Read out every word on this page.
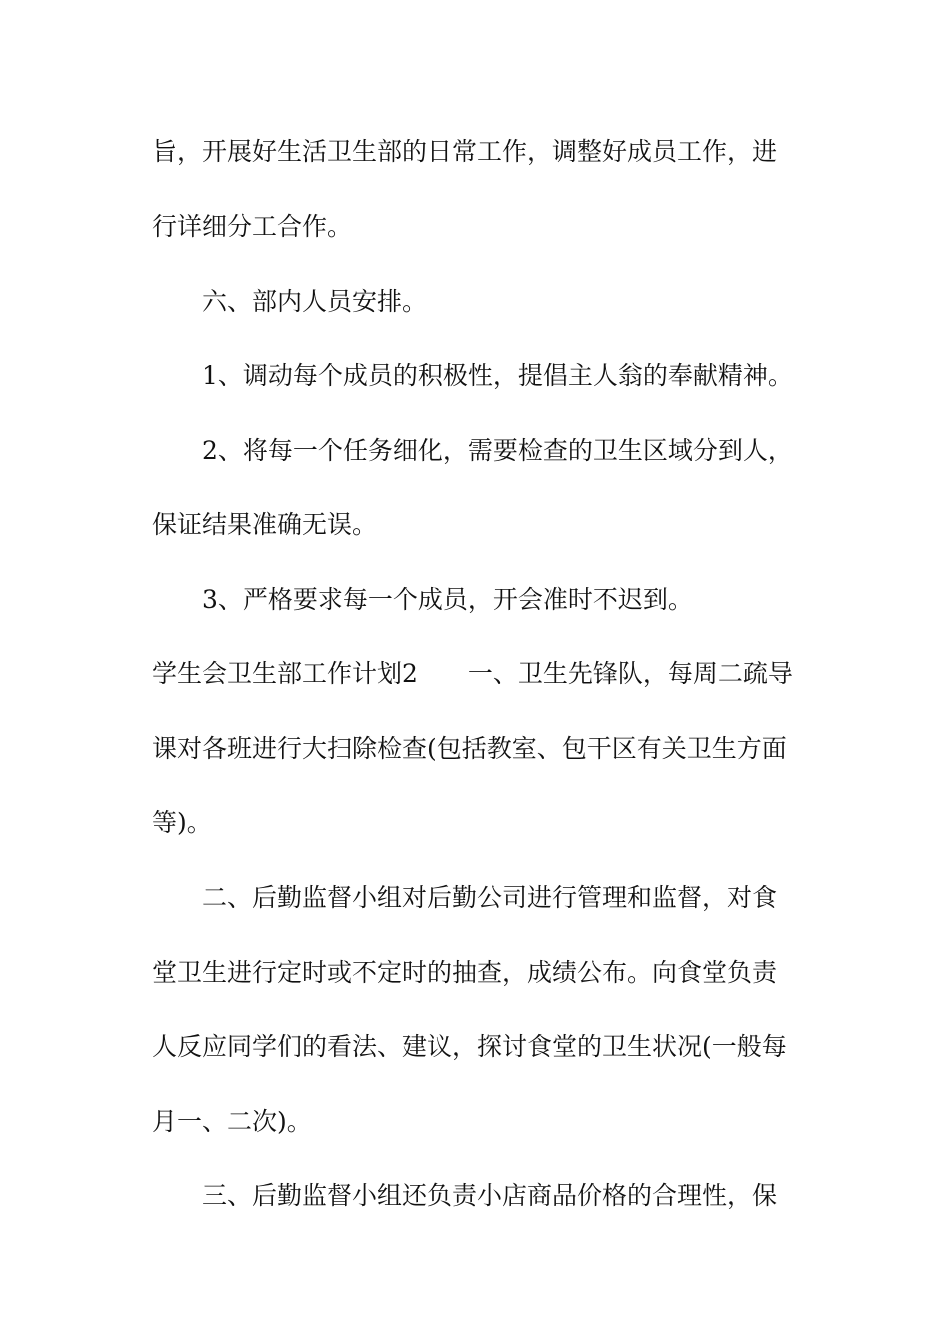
旨，开展好生活卫生部的日常工作，调整好成员工作，进
行详细分工合作。
六、部内人员安排。
1、调动每个成员的积极性，提倡主人翁的奉献精神。
2、将每一个任务细化，需要检查的卫生区域分到人，
保证结果准确无误。
3、严格要求每一个成员，开会准时不迟到。
学生会卫生部工作计划2　　一、卫生先锋队，每周二疏导
课对各班进行大扫除检查(包括教室、包干区有关卫生方面
等)。
二、后勤监督小组对后勤公司进行管理和监督，对食
堂卫生进行定时或不定时的抽查，成绩公布。向食堂负责
人反应同学们的看法、建议，探讨食堂的卫生状况(一般每
月一、二次)。
三、后勤监督小组还负责小店商品价格的合理性，保
